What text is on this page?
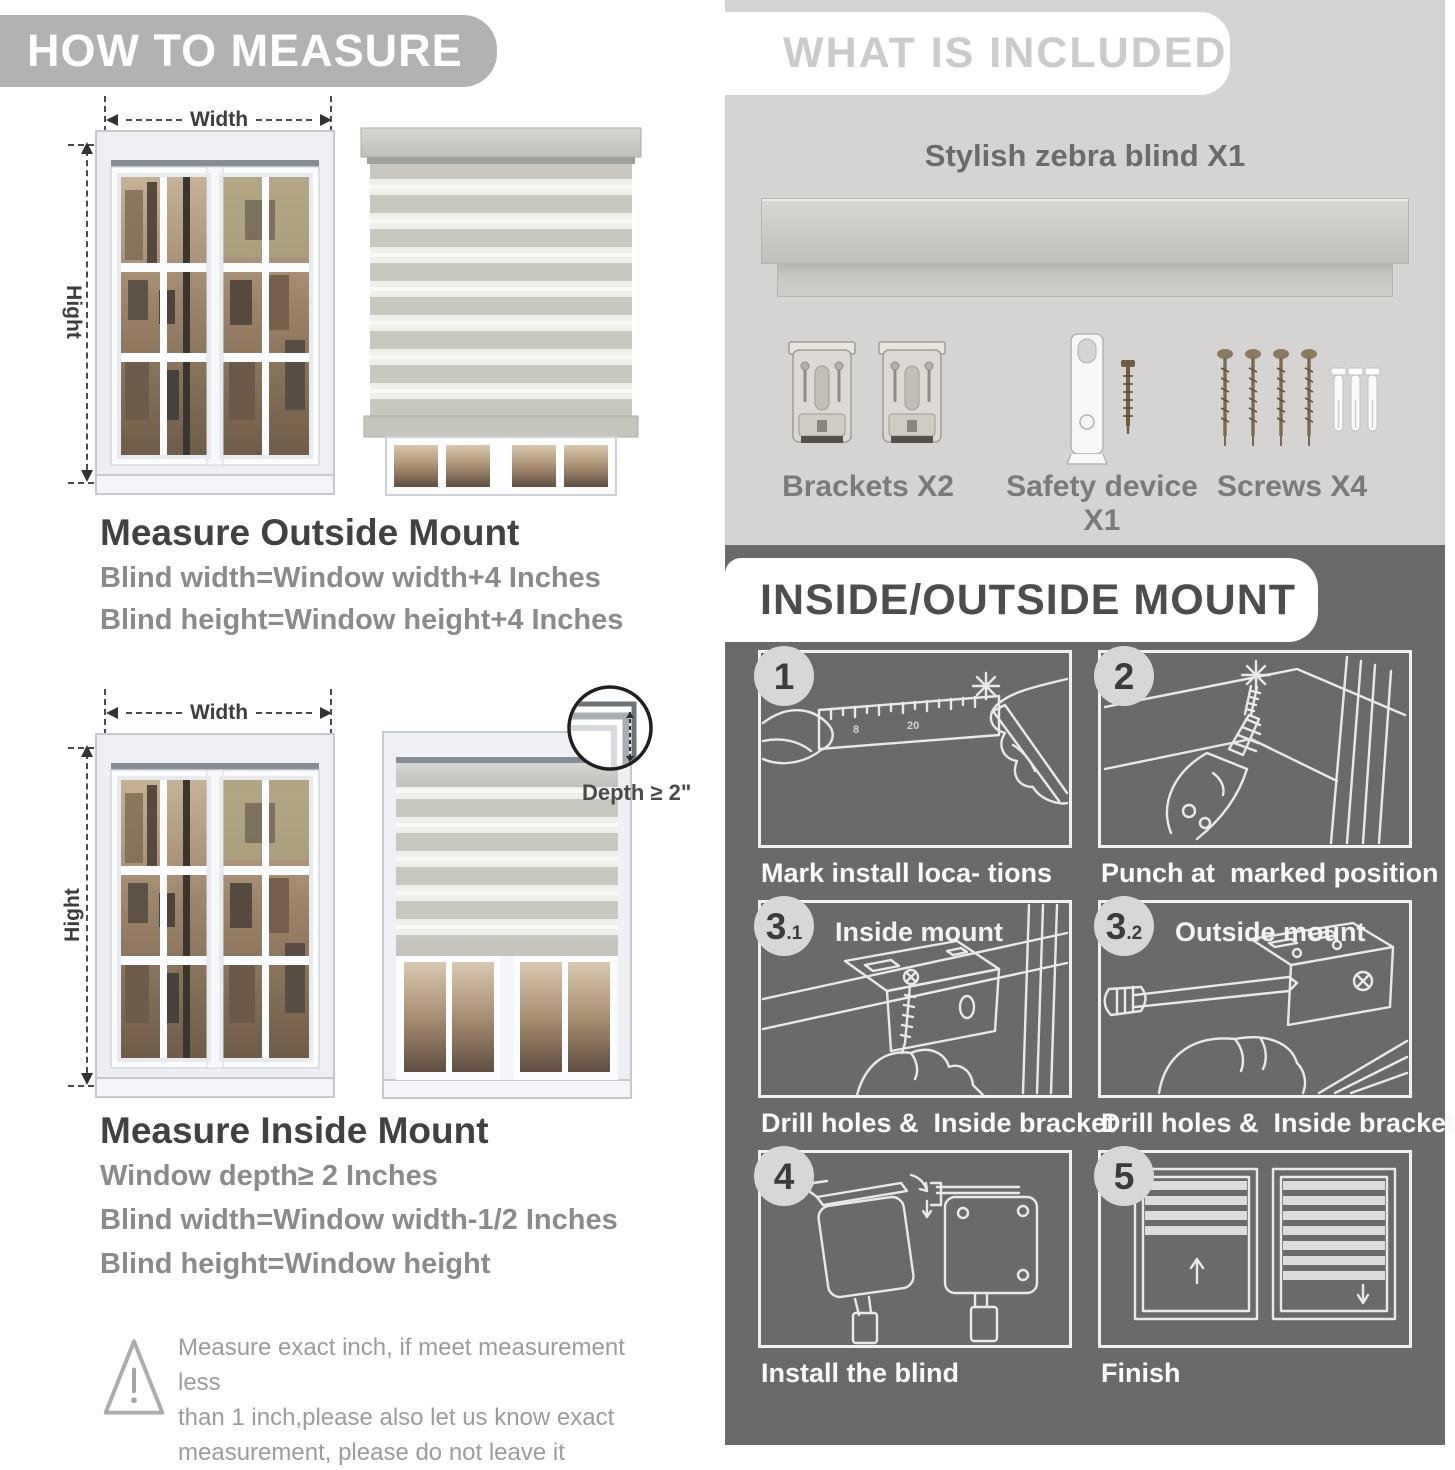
HOW TO MEASURE
Width
Hight
Measure Outside Mount
Blind width=Window width+4 Inches
Blind height=Window height+4 Inches
Width
Hight
Depth ≥ 2"
Measure Inside Mount
Window depth≥ 2 Inches
Blind width=Window width-1/2 Inches
Blind height=Window height
Measure exact inch, if meet measurement less
than 1 inch,please also let us know exact
measurement, please do not leave it
WHAT IS INCLUDED
Stylish zebra blind X1
Brackets X2	Safety device X1
Screws X4
INSIDE/OUTSIDE MOUNT
8	20
1
Mark install loca- tions
2
Punch at  marked position
3 .1 Inside mount
Drill holes &  Inside bracket
3 .2 Outside mount
Drill holes &  Inside bracket
4
Install the blind
5
Finish
